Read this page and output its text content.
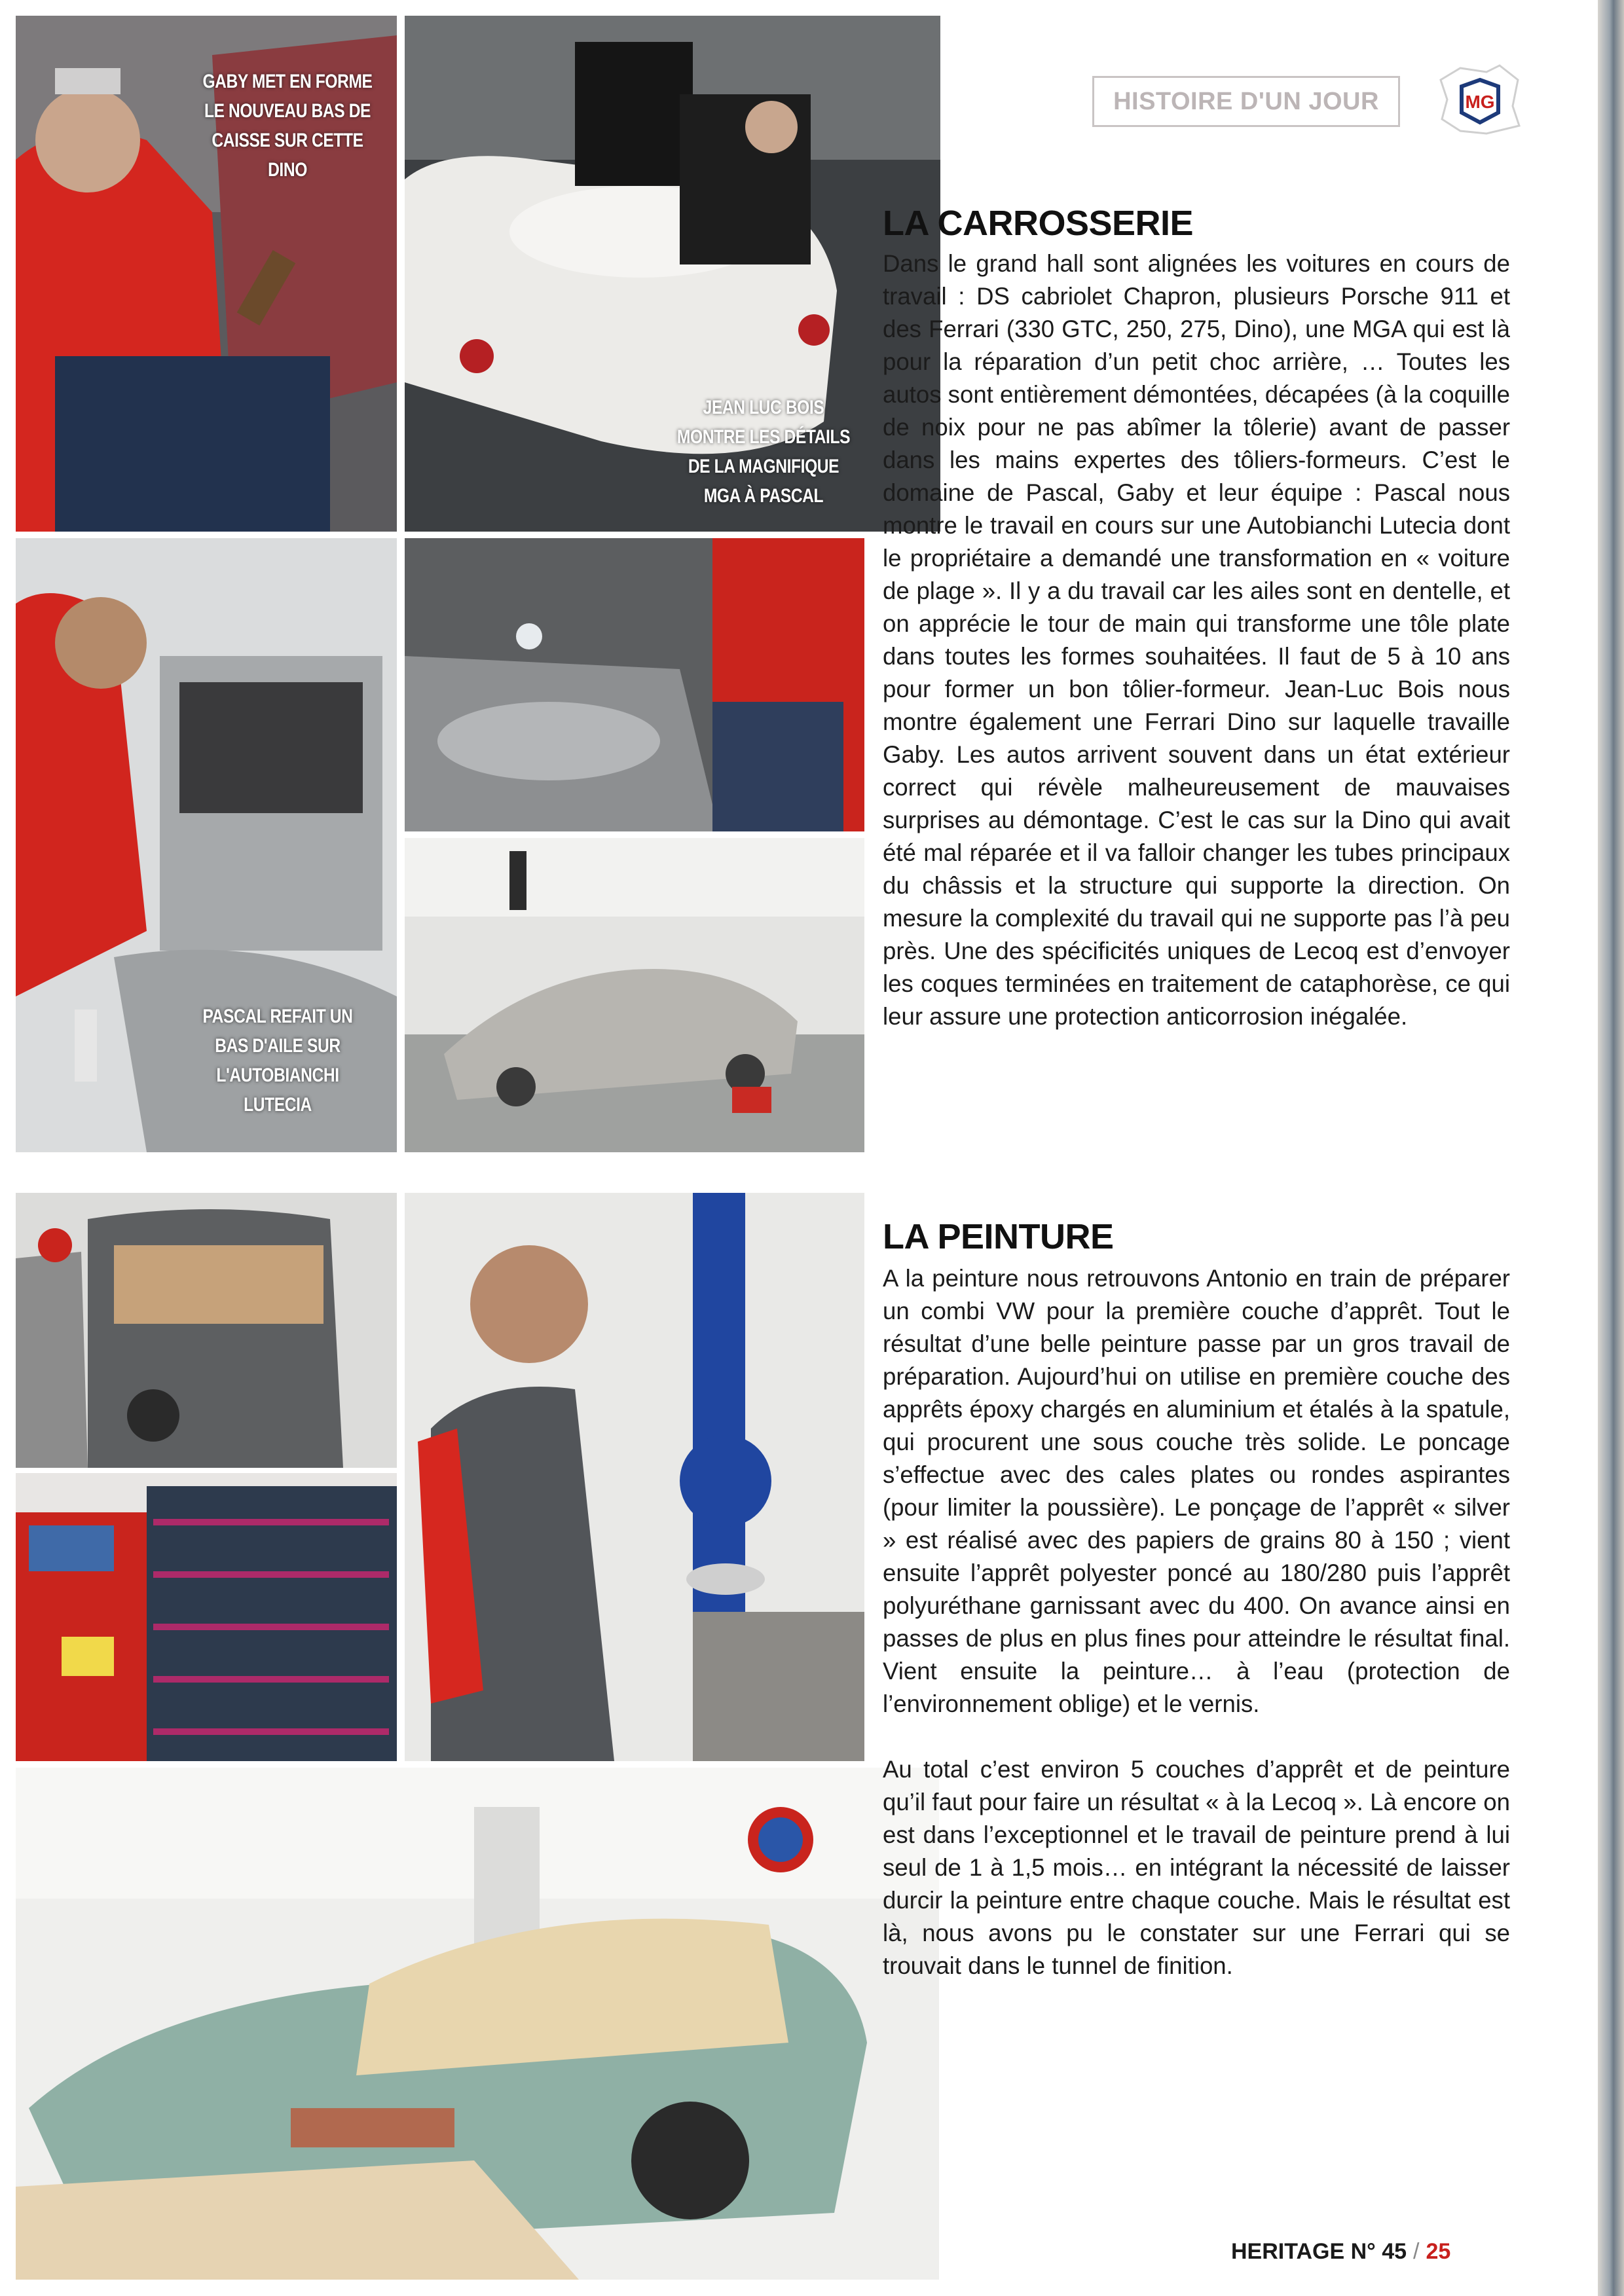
GABY MET EN FORME LE NOUVEAU BAS DE CAISSE SUR CETTE DINO
JEAN LUC BOIS MONTRE LES DÉTAILS DE LA MAGNIFIQUE MGA À PASCAL
PASCAL REFAIT UN BAS D'AILE SUR L'AUTOBIANCHI LUTECIA
HISTOIRE D'UN JOUR	MG
LA CARROSSERIE

Dans le grand hall sont alignées les voitures en cours de travail : DS cabriolet Chapron, plusieurs Porsche 911 et des Ferrari (330 GTC, 250, 275, Dino), une MGA qui est là pour la réparation d’un petit choc arrière, … Toutes les autos sont entièrement démontées, décapées (à la coquille de noix pour ne pas abîmer la tôlerie) avant de passer dans les mains expertes des tôliers-formeurs. C’est le domaine de Pascal, Gaby et leur équipe : Pascal nous montre le travail en cours sur une Autobianchi Lutecia dont le propriétaire a demandé une transformation en « voiture de plage ». Il y a du travail car les ailes sont en dentelle, et on apprécie le tour de main qui transforme une tôle plate dans toutes les formes souhaitées. Il faut de 5 à 10 ans pour former un bon tôlier-formeur. Jean-Luc Bois nous montre également une Ferrari Dino sur laquelle travaille Gaby. Les autos arrivent souvent dans un état extérieur correct qui révèle malheureusement de mauvaises surprises au démontage. C’est le cas sur la Dino qui avait été mal réparée et il va falloir changer les tubes principaux du châssis et la structure qui supporte la direction. On mesure la complexité du travail qui ne supporte pas l’à peu près. Une des spécificités uniques de Lecoq est d’envoyer les coques terminées en traitement de cataphorèse, ce qui leur assure une protection anticorrosion inégalée.

LA PEINTURE

A la peinture nous retrouvons Antonio en train de préparer un combi VW pour la première couche d’apprêt. Tout le résultat d’une belle peinture passe par un gros travail de préparation. Aujourd’hui on utilise en première couche des apprêts époxy chargés en aluminium et étalés à la spatule, qui procurent une sous couche très solide. Le poncage s’effectue avec des cales plates ou rondes aspirantes (pour limiter la poussière). Le ponçage de l’apprêt « silver » est réalisé avec des papiers de grains 80 à 150 ; vient ensuite l’apprêt polyester poncé au 180/280 puis l’apprêt polyuréthane garnissant avec du 400. On avance ainsi en passes de plus en plus fines pour atteindre le résultat final. Vient ensuite la peinture… à l’eau (protection de l’environnement oblige) et le vernis.

Au total c’est environ 5 couches d’apprêt et de peinture qu’il faut pour faire un résultat « à la Lecoq ». Là encore on est dans l’exceptionnel et le travail de peinture prend à lui seul de 1 à 1,5 mois… en intégrant la nécessité de laisser durcir la peinture entre chaque couche. Mais le résultat est là, nous avons pu le constater sur une Ferrari qui se trouvait dans le tunnel de finition.

HERITAGE N° 45 / 25
